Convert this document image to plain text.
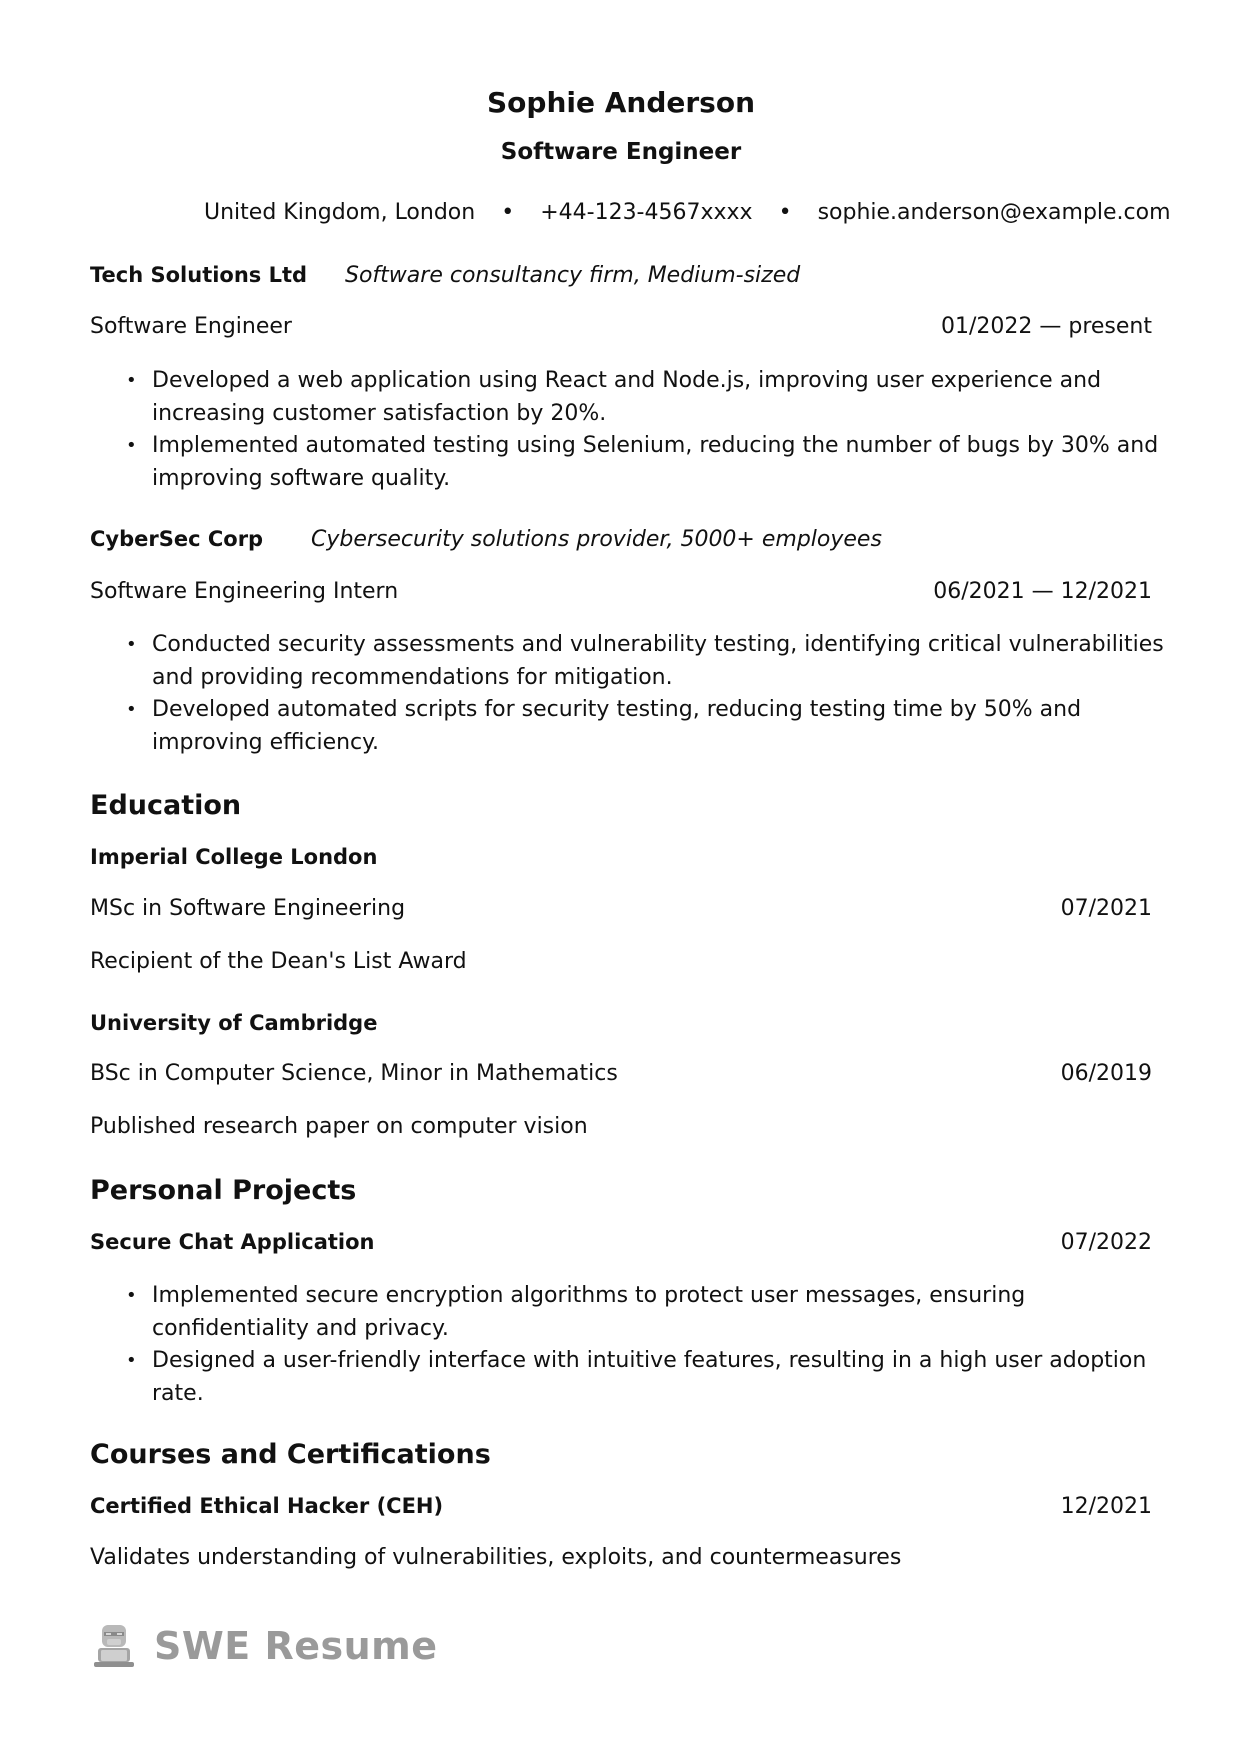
Sophie Anderson
Software Engineer
United Kingdom, London • +44-123-4567xxxx • sophie.anderson@example.com
Tech Solutions Ltd Software consultancy firm, Medium-sized
Software Engineer	01/2022 — present
• Developed a web application using React and Node.js, improving user experience and increasing customer satisfaction by 20%.
• Implemented automated testing using Selenium, reducing the number of bugs by 30% and improving software quality.
CyberSec Corp Cybersecurity solutions provider, 5000+ employees
Software Engineering Intern	06/2021 — 12/2021
• Conducted security assessments and vulnerability testing, identifying critical vulnerabilities and providing recommendations for mitigation.
• Developed automated scripts for security testing, reducing testing time by 50% and improving efficiency.
Education
Imperial College London
MSc in Software Engineering	07/2021
Recipient of the Dean's List Award
University of Cambridge
BSc in Computer Science, Minor in Mathematics	06/2019
Published research paper on computer vision
Personal Projects
Secure Chat Application	07/2022
• Implemented secure encryption algorithms to protect user messages, ensuring confidentiality and privacy.
• Designed a user-friendly interface with intuitive features, resulting in a high user adoption rate.
Courses and Certifications
Certified Ethical Hacker (CEH)	12/2021
Validates understanding of vulnerabilities, exploits, and countermeasures
SWE Resume
